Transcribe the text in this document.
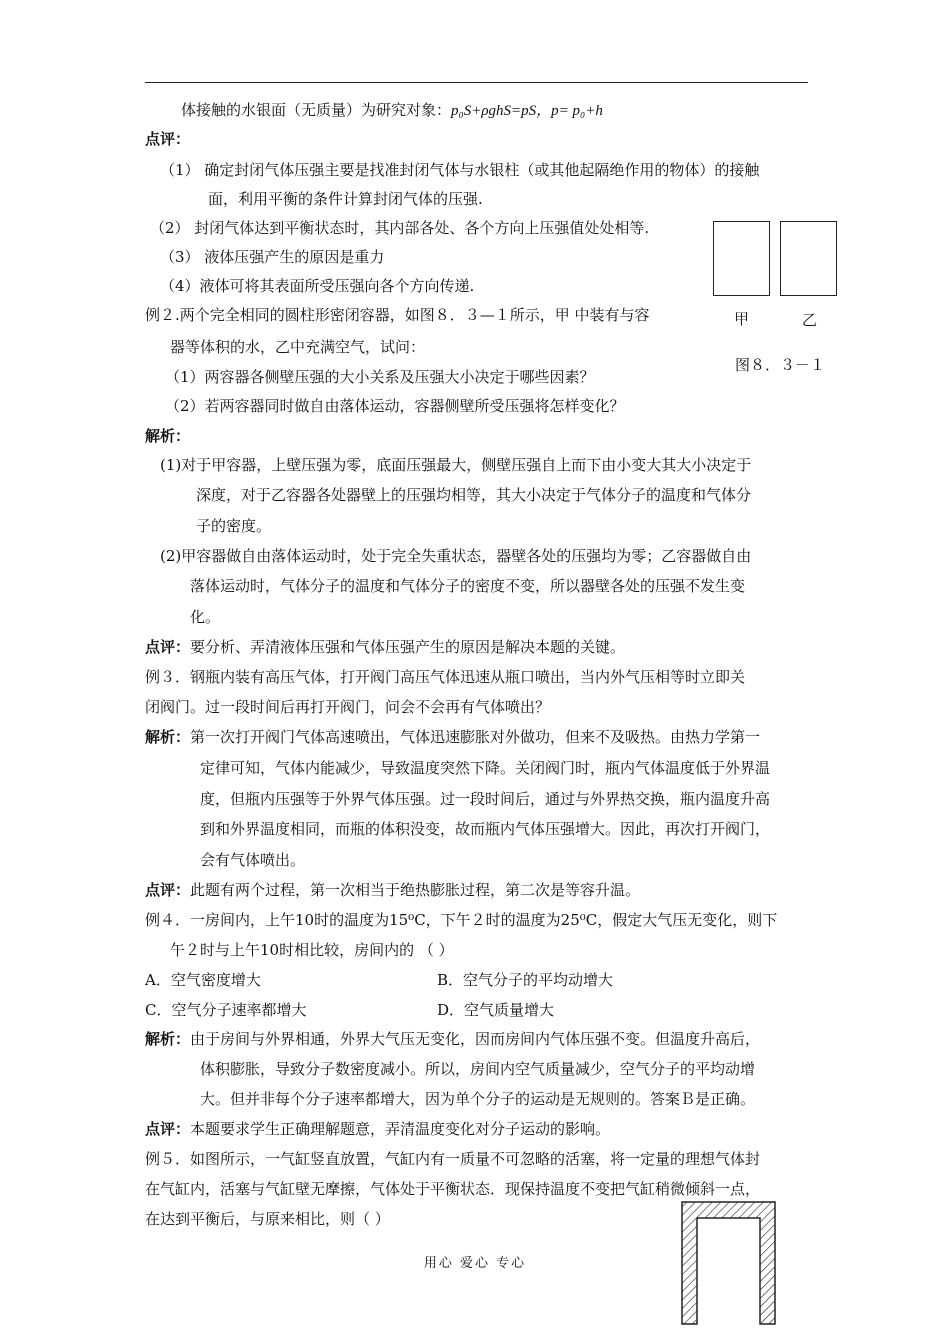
体接触的水银面（无质量）为研究对象：p₀S+ρghS=pS，p= p₀+h
点评：
（1） 确定封闭气体压强主要是找准封闭气体与水银柱（或其他起隔绝作用的物体）的接触
面，利用平衡的条件计算封闭气体的压强.
（2） 封闭气体达到平衡状态时，其内部各处、各个方向上压强值处处相等.
（3） 液体压强产生的原因是重力
（4）液体可将其表面所受压强向各个方向传递.
例２.两个完全相同的圆柱形密闭容器，如图８．３—１所示，甲 中装有与容
器等体积的水，乙中充满空气，试问：
（1）两容器各侧壁压强的大小关系及压强大小决定于哪些因素？
（2）若两容器同时做自由落体运动，容器侧壁所受压强将怎样变化？
甲	乙
图８．３－１
解析：
(1)对于甲容器，上壁压强为零，底面压强最大，侧壁压强自上而下由小变大其大小决定于
深度，对于乙容器各处器壁上的压强均相等，其大小决定于气体分子的温度和气体分
子的密度。
(2)甲容器做自由落体运动时，处于完全失重状态，器壁各处的压强均为零；乙容器做自由
落体运动时，气体分子的温度和气体分子的密度不变，所以器壁各处的压强不发生变
化。
点评：要分析、弄清液体压强和气体压强产生的原因是解决本题的关键。
例３．钢瓶内装有高压气体，打开阀门高压气体迅速从瓶口喷出，当内外气压相等时立即关
闭阀门。过一段时间后再打开阀门，问会不会再有气体喷出？
解析：第一次打开阀门气体高速喷出，气体迅速膨胀对外做功，但来不及吸热。由热力学第一
定律可知，气体内能减少，导致温度突然下降。关闭阀门时，瓶内气体温度低于外界温
度，但瓶内压强等于外界气体压强。过一段时间后，通过与外界热交换，瓶内温度升高
到和外界温度相同，而瓶的体积没变，故而瓶内气体压强增大。因此，再次打开阀门，
会有气体喷出。
点评：此题有两个过程，第一次相当于绝热膨胀过程，第二次是等容升温。
例４．一房间内，上午10时的温度为15⁰C，下午２时的温度为25⁰C，假定大气压无变化，则下
午２时与上午10时相比较，房间内的 （ ）
A．空气密度增大	B．空气分子的平均动增大
C．空气分子速率都增大	D．空气质量增大
解析：由于房间与外界相通，外界大气压无变化，因而房间内气体压强不变。但温度升高后，
体积膨胀，导致分子数密度减小。所以，房间内空气质量减少，空气分子的平均动增
大。但并非每个分子速率都增大，因为单个分子的运动是无规则的。答案Ｂ是正确。
点评：本题要求学生正确理解题意，弄清温度变化对分子运动的影响。
例５．如图所示，一气缸竖直放置，气缸内有一质量不可忽略的活塞，将一定量的理想气体封
在气缸内，活塞与气缸壁无摩擦，气体处于平衡状态．现保持温度不变把气缸稍微倾斜一点，
在达到平衡后，与原来相比，则（ ）
用心 爱心 专心
